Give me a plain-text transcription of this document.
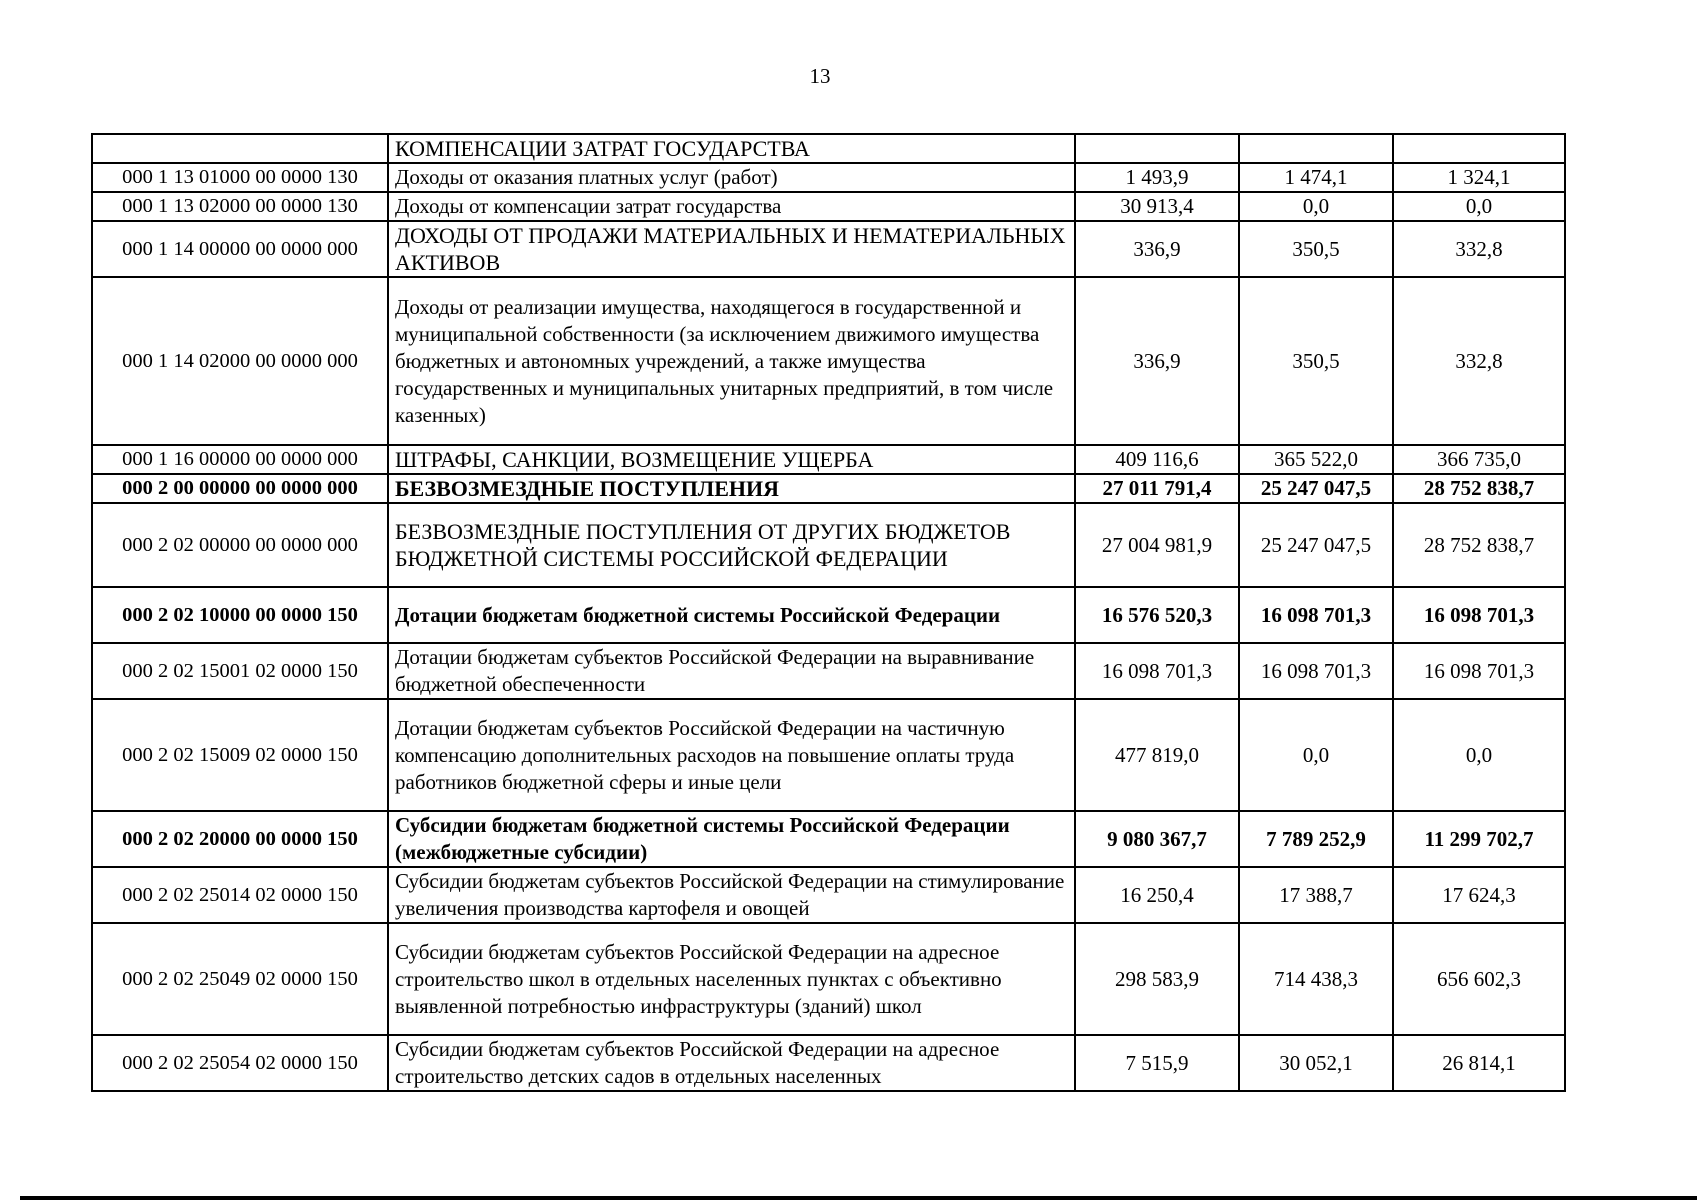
13
	КОМПЕНСАЦИИ ЗАТРАТ ГОСУДАРСТВА			
000 1 13 01000 00 0000 130	Доходы от оказания платных услуг (работ)	1 493,9	1 474,1	1 324,1
000 1 13 02000 00 0000 130	Доходы от компенсации затрат государства	30 913,4	0,0	0,0
000 1 14 00000 00 0000 000	ДОХОДЫ ОТ ПРОДАЖИ МАТЕРИАЛЬНЫХ И НЕМАТЕРИАЛЬНЫХ АКТИВОВ	336,9	350,5	332,8
000 1 14 02000 00 0000 000	Доходы от реализации имущества, находящегося в государственной и муниципальной собственности (за исключением движимого имущества бюджетных и автономных учреждений, а также имущества государственных и муниципальных унитарных предприятий, в том числе казенных)	336,9	350,5	332,8
000 1 16 00000 00 0000 000	ШТРАФЫ, САНКЦИИ, ВОЗМЕЩЕНИЕ УЩЕРБА	409 116,6	365 522,0	366 735,0
000 2 00 00000 00 0000 000	БЕЗВОЗМЕЗДНЫЕ ПОСТУПЛЕНИЯ	27 011 791,4	25 247 047,5	28 752 838,7
000 2 02 00000 00 0000 000	БЕЗВОЗМЕЗДНЫЕ ПОСТУПЛЕНИЯ ОТ ДРУГИХ БЮДЖЕТОВ БЮДЖЕТНОЙ СИСТЕМЫ РОССИЙСКОЙ ФЕДЕРАЦИИ	27 004 981,9	25 247 047,5	28 752 838,7
000 2 02 10000 00 0000 150	Дотации бюджетам бюджетной системы Российской Федерации	16 576 520,3	16 098 701,3	16 098 701,3
000 2 02 15001 02 0000 150	Дотации бюджетам субъектов Российской Федерации на выравнивание бюджетной обеспеченности	16 098 701,3	16 098 701,3	16 098 701,3
000 2 02 15009 02 0000 150	Дотации бюджетам субъектов Российской Федерации на частичную компенсацию дополнительных расходов на повышение оплаты труда работников бюджетной сферы и иные цели	477 819,0	0,0	0,0
000 2 02 20000 00 0000 150	Субсидии бюджетам бюджетной системы Российской Федерации (межбюджетные субсидии)	9 080 367,7	7 789 252,9	11 299 702,7
000 2 02 25014 02 0000 150	Субсидии бюджетам субъектов Российской Федерации на стимулирование увеличения производства картофеля и овощей	16 250,4	17 388,7	17 624,3
000 2 02 25049 02 0000 150	Субсидии бюджетам субъектов Российской Федерации на адресное строительство школ в отдельных населенных пунктах с объективно выявленной потребностью инфраструктуры (зданий) школ	298 583,9	714 438,3	656 602,3
000 2 02 25054 02 0000 150	Субсидии бюджетам субъектов Российской Федерации на адресное строительство детских садов в отдельных населенных	7 515,9	30 052,1	26 814,1
